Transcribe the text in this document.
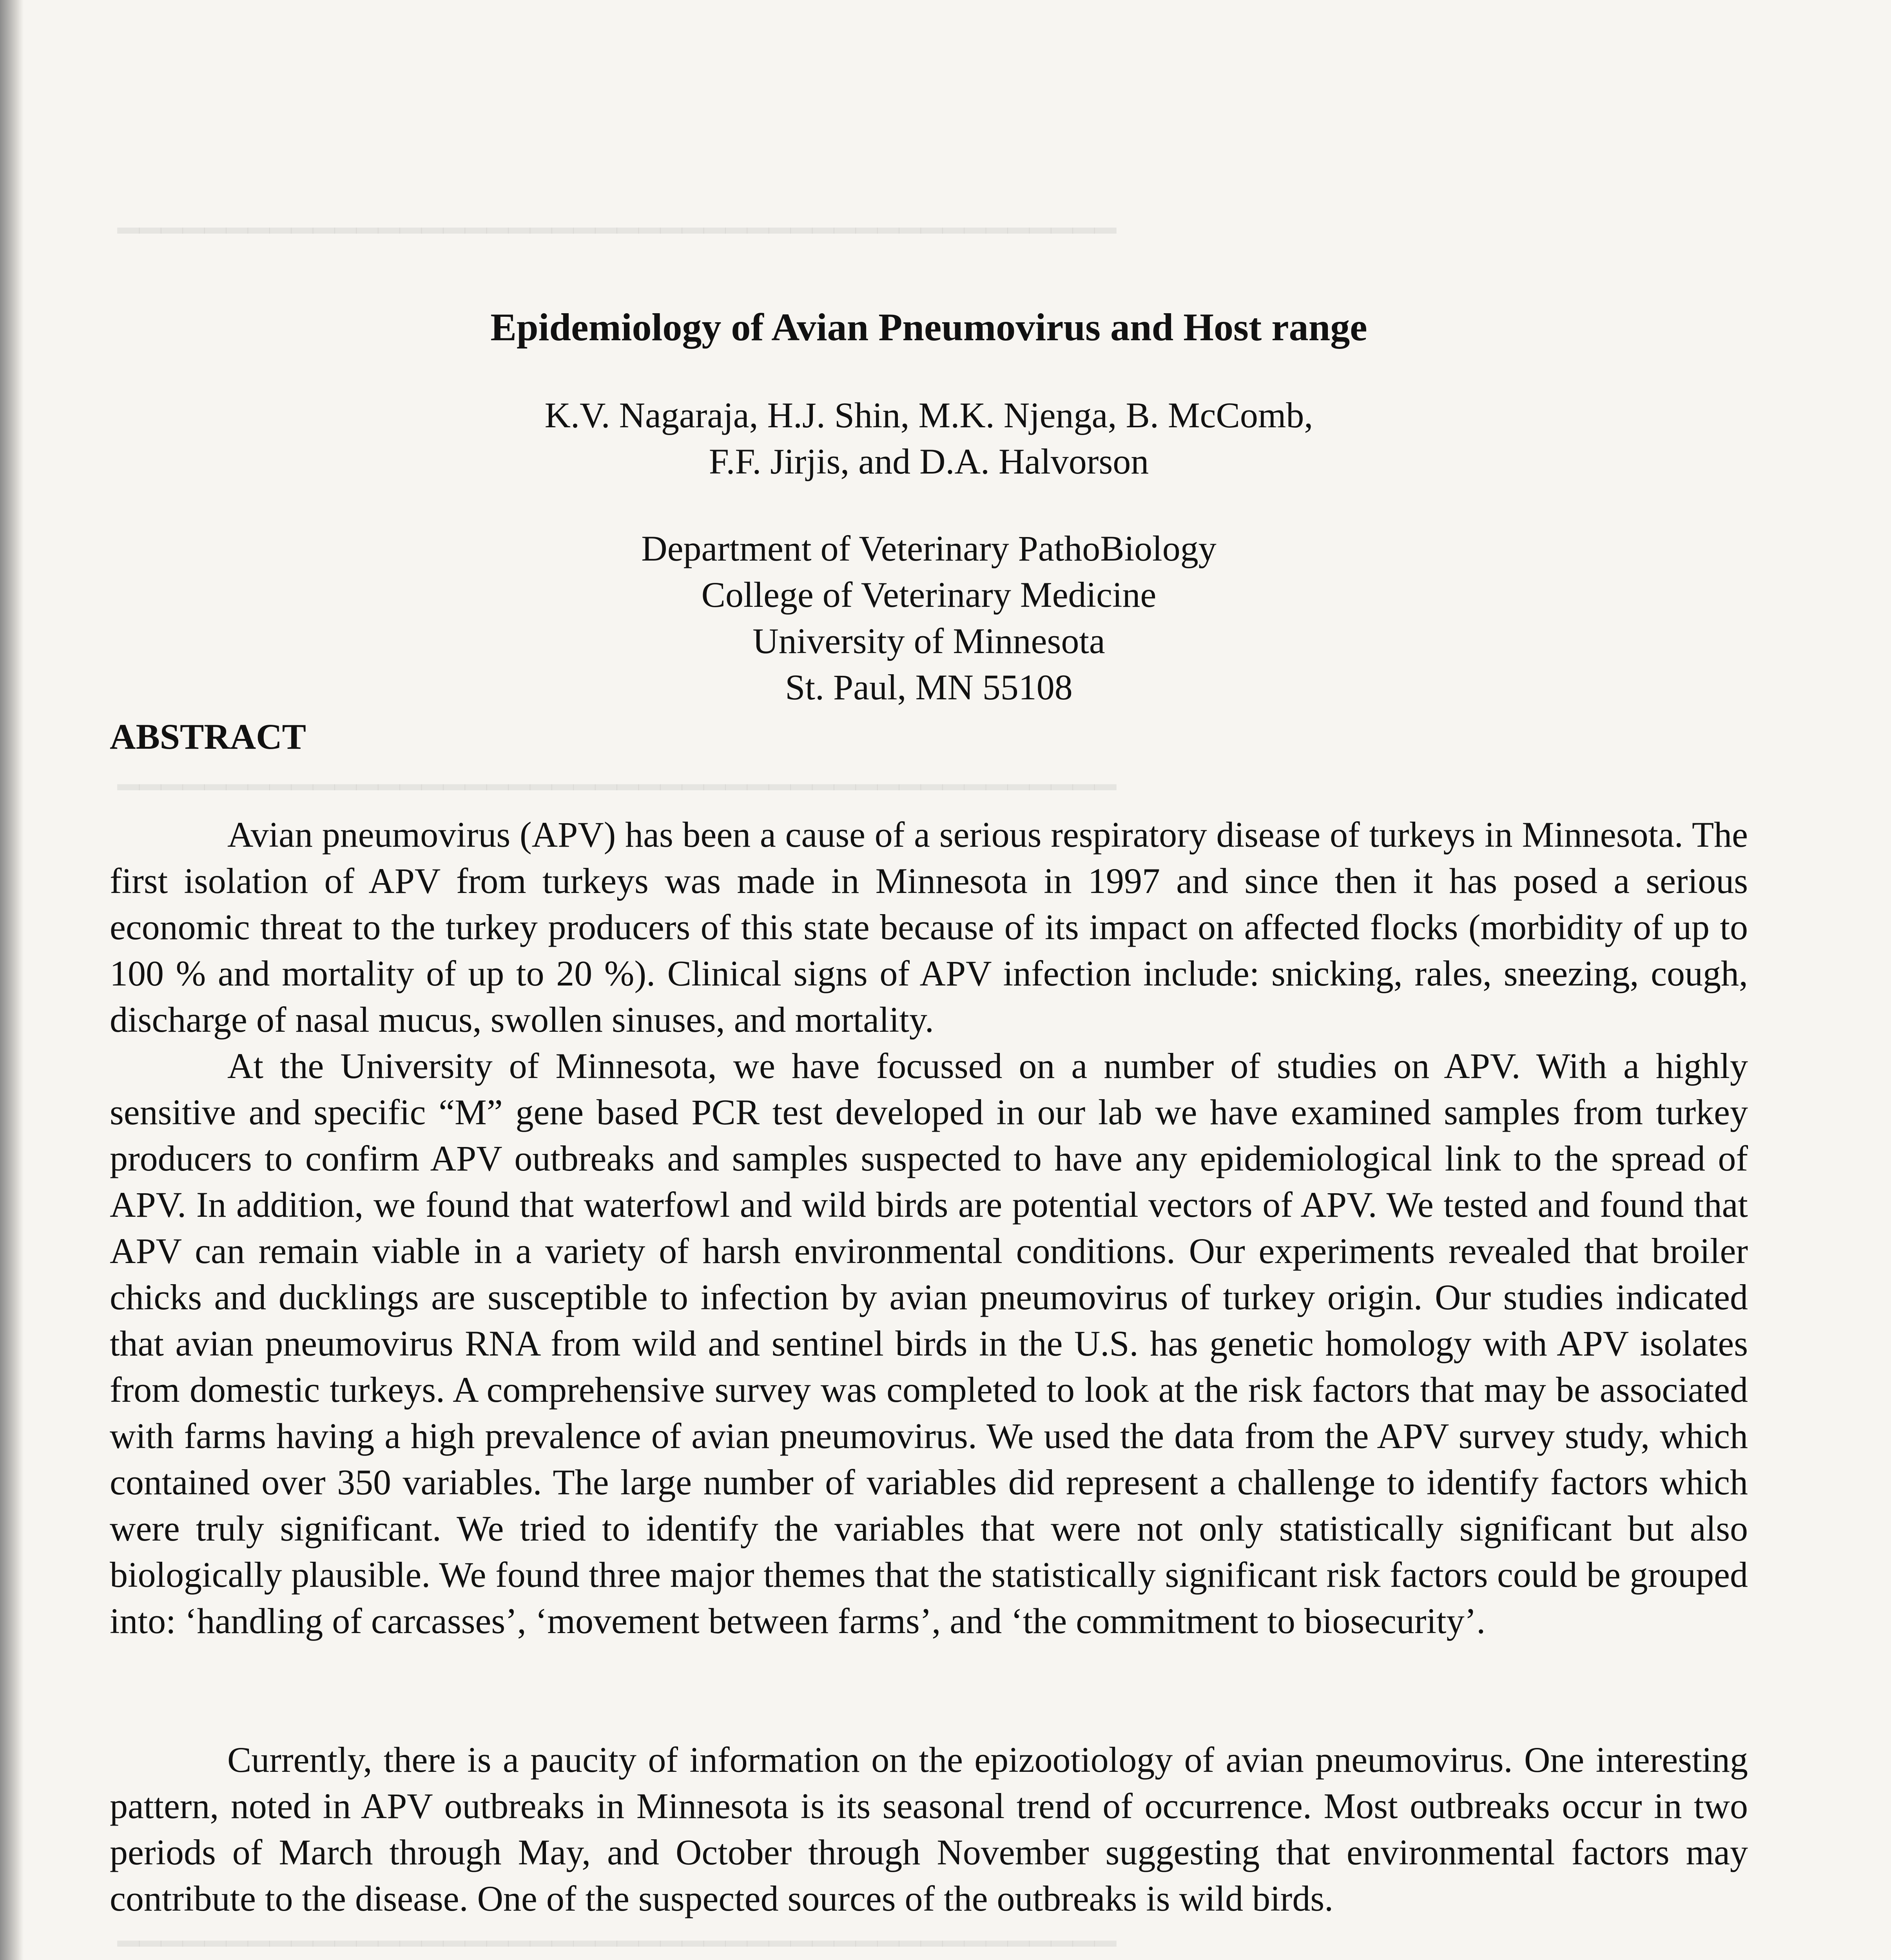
━━━━━━━━━━━━━━━━━━━━━━━━━━━━━━━━━━━━━━━━━━━━━━
━━━━━━━━━━━━━━━━━━━━━━━━━━━━━━━━━━━━━━━━━━━━━━
━━━━━━━━━━━━━━━━━━━━━━━━━━━━━━━━━━━━━━━━━━━━━━
Epidemiology of Avian Pneumovirus and Host range
K.V. Nagaraja, H.J. Shin, M.K. Njenga, B. McComb,
F.F. Jirjis, and D.A. Halvorson
Department of Veterinary PathoBiology
College of Veterinary Medicine
University of Minnesota
St. Paul, MN 55108
ABSTRACT

Avian pneumovirus (APV) has been a cause of a serious respiratory disease of turkeys in Minnesota. The first isolation of APV from turkeys was made in Minnesota in 1997 and since then it has posed a serious economic threat to the turkey producers of this state because of its impact on affected flocks (morbidity of up to 100 % and mortality of up to 20 %). Clinical signs of APV infection include: snicking, rales, sneezing, cough, discharge of nasal mucus, swollen sinuses, and mortality.

At the University of Minnesota, we have focussed on a number of studies on APV. With a highly sensitive and specific “M” gene based PCR test developed in our lab we have examined samples from turkey producers to confirm APV outbreaks and samples suspected to have any epidemiological link to the spread of APV. In addition, we found that waterfowl and wild birds are potential vectors of APV. We tested and found that APV can remain viable in a variety of harsh environmental conditions. Our experiments revealed that broiler chicks and ducklings are susceptible to infection by avian pneumovirus of turkey origin. Our studies indicated that avian pneumovirus RNA from wild and sentinel birds in the U.S. has genetic homology with APV isolates from domestic turkeys. A comprehensive survey was completed to look at the risk factors that may be associated with farms having a high prevalence of avian pneumovirus. We used the data from the APV survey study, which contained over 350 variables. The large number of variables did represent a challenge to identify factors which were truly significant. We tried to identify the variables that were not only statistically significant but also biologically plausible. We found three major themes that the statistically significant risk factors could be grouped into: ‘handling of carcasses’, ‘movement between farms’, and ‘the commitment to biosecurity’.

Currently, there is a paucity of information on the epizootiology of avian pneumovirus. One interesting pattern, noted in APV outbreaks in Minnesota is its seasonal trend of occurrence. Most outbreaks occur in two periods of March through May, and October through November suggesting that environmental factors may contribute to the disease. One of the suspected sources of the outbreaks is wild birds.
